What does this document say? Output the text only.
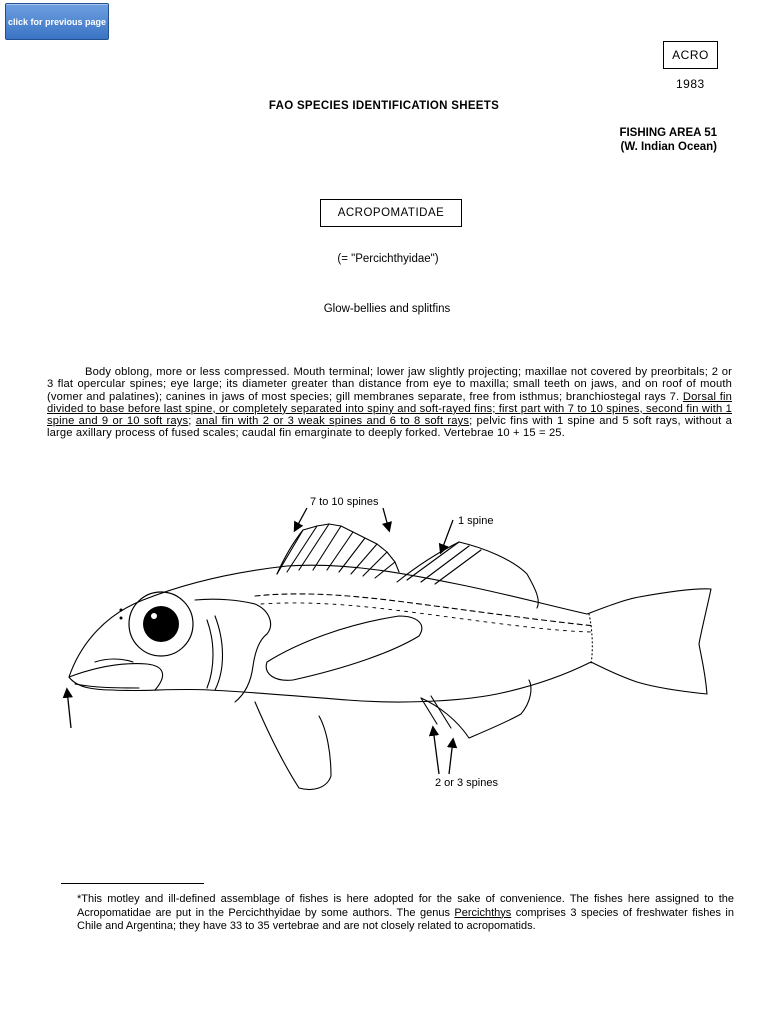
click for previous page
ACRO
1983
FAO SPECIES IDENTIFICATION SHEETS
FISHING AREA 51
(W. Indian Ocean)
ACROPOMATIDAE
(= "Percichthyidae")
Glow-bellies and splitfins
Body oblong, more or less compressed. Mouth terminal; lower jaw slightly projecting; maxillae not covered by preorbitals; 2 or 3 flat opercular spines; eye large; its diameter greater than distance from eye to maxilla; small teeth on jaws, and on roof of mouth (vomer and palatines); canines in jaws of most species; gill membranes separate, free from isthmus; branchiostegal rays 7. Dorsal fin divided to base before last spine, or completely separated into spiny and soft-rayed fins; first part with 7 to 10 spines, second fin with 1 spine and 9 or 10 soft rays; anal fin with 2 or 3 weak spines and 6 to 8 soft rays; pelvic fins with 1 spine and 5 soft rays, without a large axillary process of fused scales; caudal fin emarginate to deeply forked. Vertebrae 10 + 15 = 25.
7 to 10 spines
1 spine
2 or 3 spines
*This motley and ill-defined assemblage of fishes is here adopted for the sake of convenience. The fishes here assigned to the Acropomatidae are put in the Percichthyidae by some authors. The genus Percichthys comprises 3 species of freshwater fishes in Chile and Argentina; they have 33 to 35 vertebrae and are not closely related to acropomatids.
